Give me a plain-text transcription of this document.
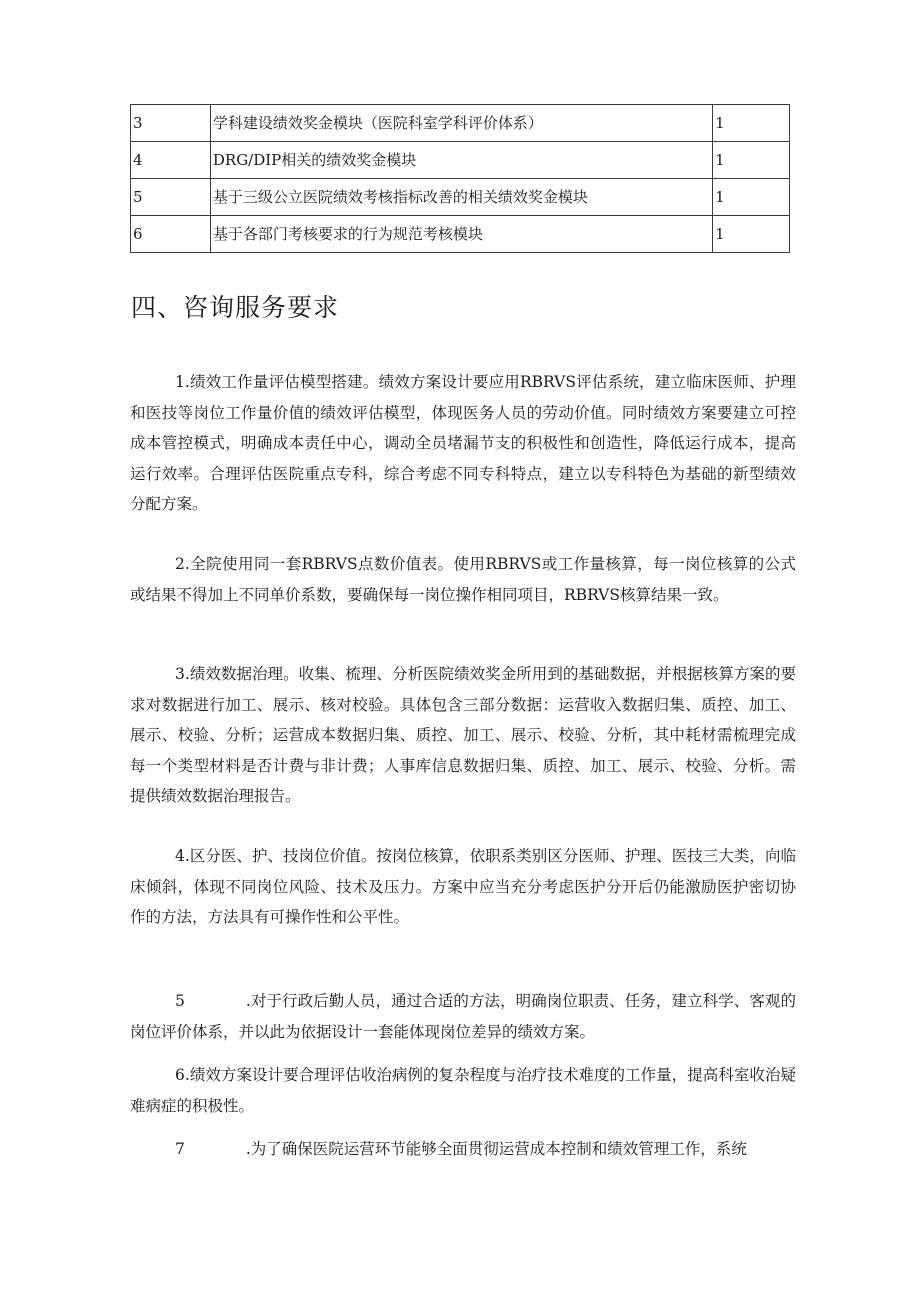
3	学科建设绩效奖金模块（医院科室学科评价体系）	1
4	DRG/DIP相关的绩效奖金模块	1
5	基于三级公立医院绩效考核指标改善的相关绩效奖金模块	1
6	基于各部门考核要求的行为规范考核模块	1
四、咨询服务要求

1.绩效工作量评估模型搭建。绩效方案设计要应用RBRVS评估系统，建立临床医师、护理和医技等岗位工作量价值的绩效评估模型，体现医务人员的劳动价值。同时绩效方案要建立可控成本管控模式，明确成本责任中心，调动全员堵漏节支的积极性和创造性，降低运行成本，提高运行效率。合理评估医院重点专科，综合考虑不同专科特点，建立以专科特色为基础的新型绩效分配方案。

2.全院使用同一套RBRVS点数价值表。使用RBRVS或工作量核算，每一岗位核算的公式或结果不得加上不同单价系数，要确保每一岗位操作相同项目，RBRVS核算结果一致。

3.绩效数据治理。收集、梳理、分析医院绩效奖金所用到的基础数据，并根据核算方案的要求对数据进行加工、展示、核对校验。具体包含三部分数据：运营收入数据归集、质控、加工、展示、校验、分析；运营成本数据归集、质控、加工、展示、校验、分析，其中耗材需梳理完成每一个类型材料是否计费与非计费；人事库信息数据归集、质控、加工、展示、校验、分析。需提供绩效数据治理报告。

4.区分医、护、技岗位价值。按岗位核算，依职系类别区分医师、护理、医技三大类，向临床倾斜，体现不同岗位风险、技术及压力。方案中应当充分考虑医护分开后仍能激励医护密切协作的方法，方法具有可操作性和公平性。

5	.对于行政后勤人员，通过合适的方法，明确岗位职责、任务，建立科学、客观的岗位评价体系，并以此为依据设计一套能体现岗位差异的绩效方案。

6.绩效方案设计要合理评估收治病例的复杂程度与治疗技术难度的工作量，提高科室收治疑难病症的积极性。

7	.为了确保医院运营环节能够全面贯彻运营成本控制和绩效管理工作，系统
